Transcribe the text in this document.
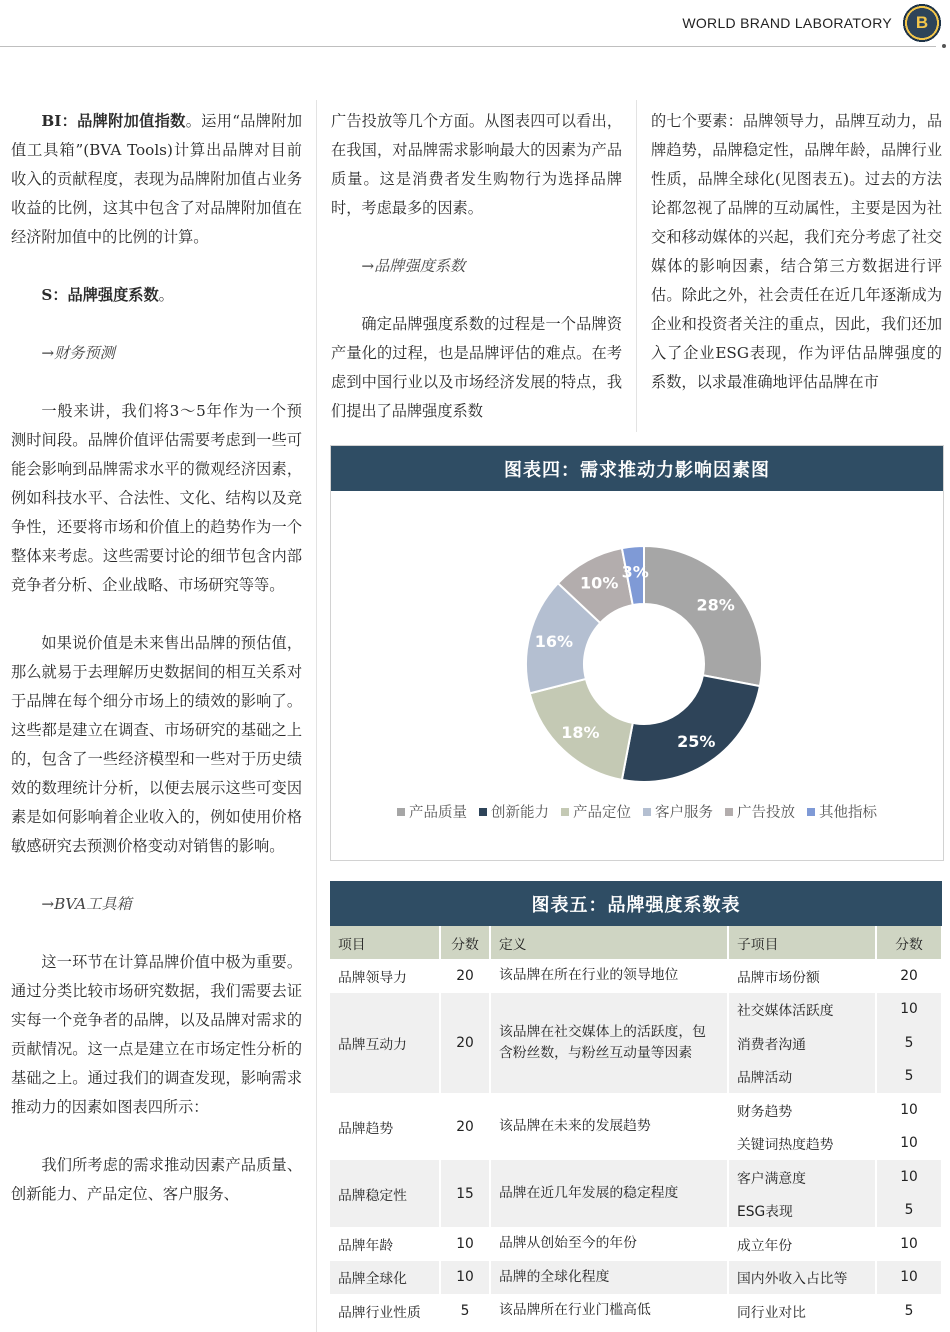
WORLD BRAND LABORATORY B

BI：品牌附加值指数。运用“品牌附加值工具箱”(BVA Tools)计算出品牌对目前收入的贡献程度，表现为品牌附加值占业务收益的比例，这其中包含了对品牌附加值在经济附加值中的比例的计算。

S：品牌强度系数。

→财务预测

一般来讲，我们将3～5年作为一个预测时间段。品牌价值评估需要考虑到一些可能会影响到品牌需求水平的微观经济因素，例如科技水平、合法性、文化、结构以及竞争性，还要将市场和价值上的趋势作为一个整体来考虑。这些需要讨论的细节包含内部竞争者分析、企业战略、市场研究等等。

如果说价值是未来售出品牌的预估值，那么就易于去理解历史数据间的相互关系对于品牌在每个细分市场上的绩效的影响了。这些都是建立在调查、市场研究的基础之上的，包含了一些经济模型和一些对于历史绩效的数理统计分析，以便去展示这些可变因素是如何影响着企业收入的，例如使用价格敏感研究去预测价格变动对销售的影响。

→BVA工具箱

这一环节在计算品牌价值中极为重要。通过分类比较市场研究数据，我们需要去证实每一个竞争者的品牌，以及品牌对需求的贡献情况。这一点是建立在市场定性分析的基础之上。通过我们的调查发现，影响需求推动力的因素如图表四所示：

我们所考虑的需求推动因素产品质量、创新能力、产品定位、客户服务、

广告投放等几个方面。从图表四可以看出，在我国，对品牌需求影响最大的因素为产品质量。这是消费者发生购物行为选择品牌时，考虑最多的因素。

→品牌强度系数

确定品牌强度系数的过程是一个品牌资产量化的过程，也是品牌评估的难点。在考虑到中国行业以及市场经济发展的特点，我们提出了品牌强度系数

的七个要素：品牌领导力，品牌互动力，品牌趋势，品牌稳定性，品牌年龄，品牌行业性质，品牌全球化(见图表五)。过去的方法论都忽视了品牌的互动属性，主要是因为社交和移动媒体的兴起，我们充分考虑了社交媒体的影响因素，结合第三方数据进行评估。除此之外，社会责任在近几年逐渐成为企业和投资者关注的重点，因此，我们还加入了企业ESG表现，作为评估品牌强度的系数，以求最准确地评估品牌在市

图表四：需求推动力影响因素图
28%
25%
18%
16%
10%
3%
产品质量 创新能力 产品定位 客户服务 广告投放 其他指标
图表五：品牌强度系数表
项目	分数	定义	子项目	分数
品牌领导力	20	该品牌在所在行业的领导地位	品牌市场份额	20
品牌互动力	20	该品牌在社交媒体上的活跃度，包含粉丝数，与粉丝互动量等因素	社交媒体活跃度	10
			消费者沟通	5
			品牌活动	5
品牌趋势	20	该品牌在未来的发展趋势	财务趋势	10
			关键词热度趋势	10
品牌稳定性	15	品牌在近几年发展的稳定程度	客户满意度	10
			ESG表现	5
品牌年龄	10	品牌从创始至今的年份	成立年份	10
品牌全球化	10	品牌的全球化程度	国内外收入占比等	10
品牌行业性质	5	该品牌所在行业门槛高低	同行业对比	5
